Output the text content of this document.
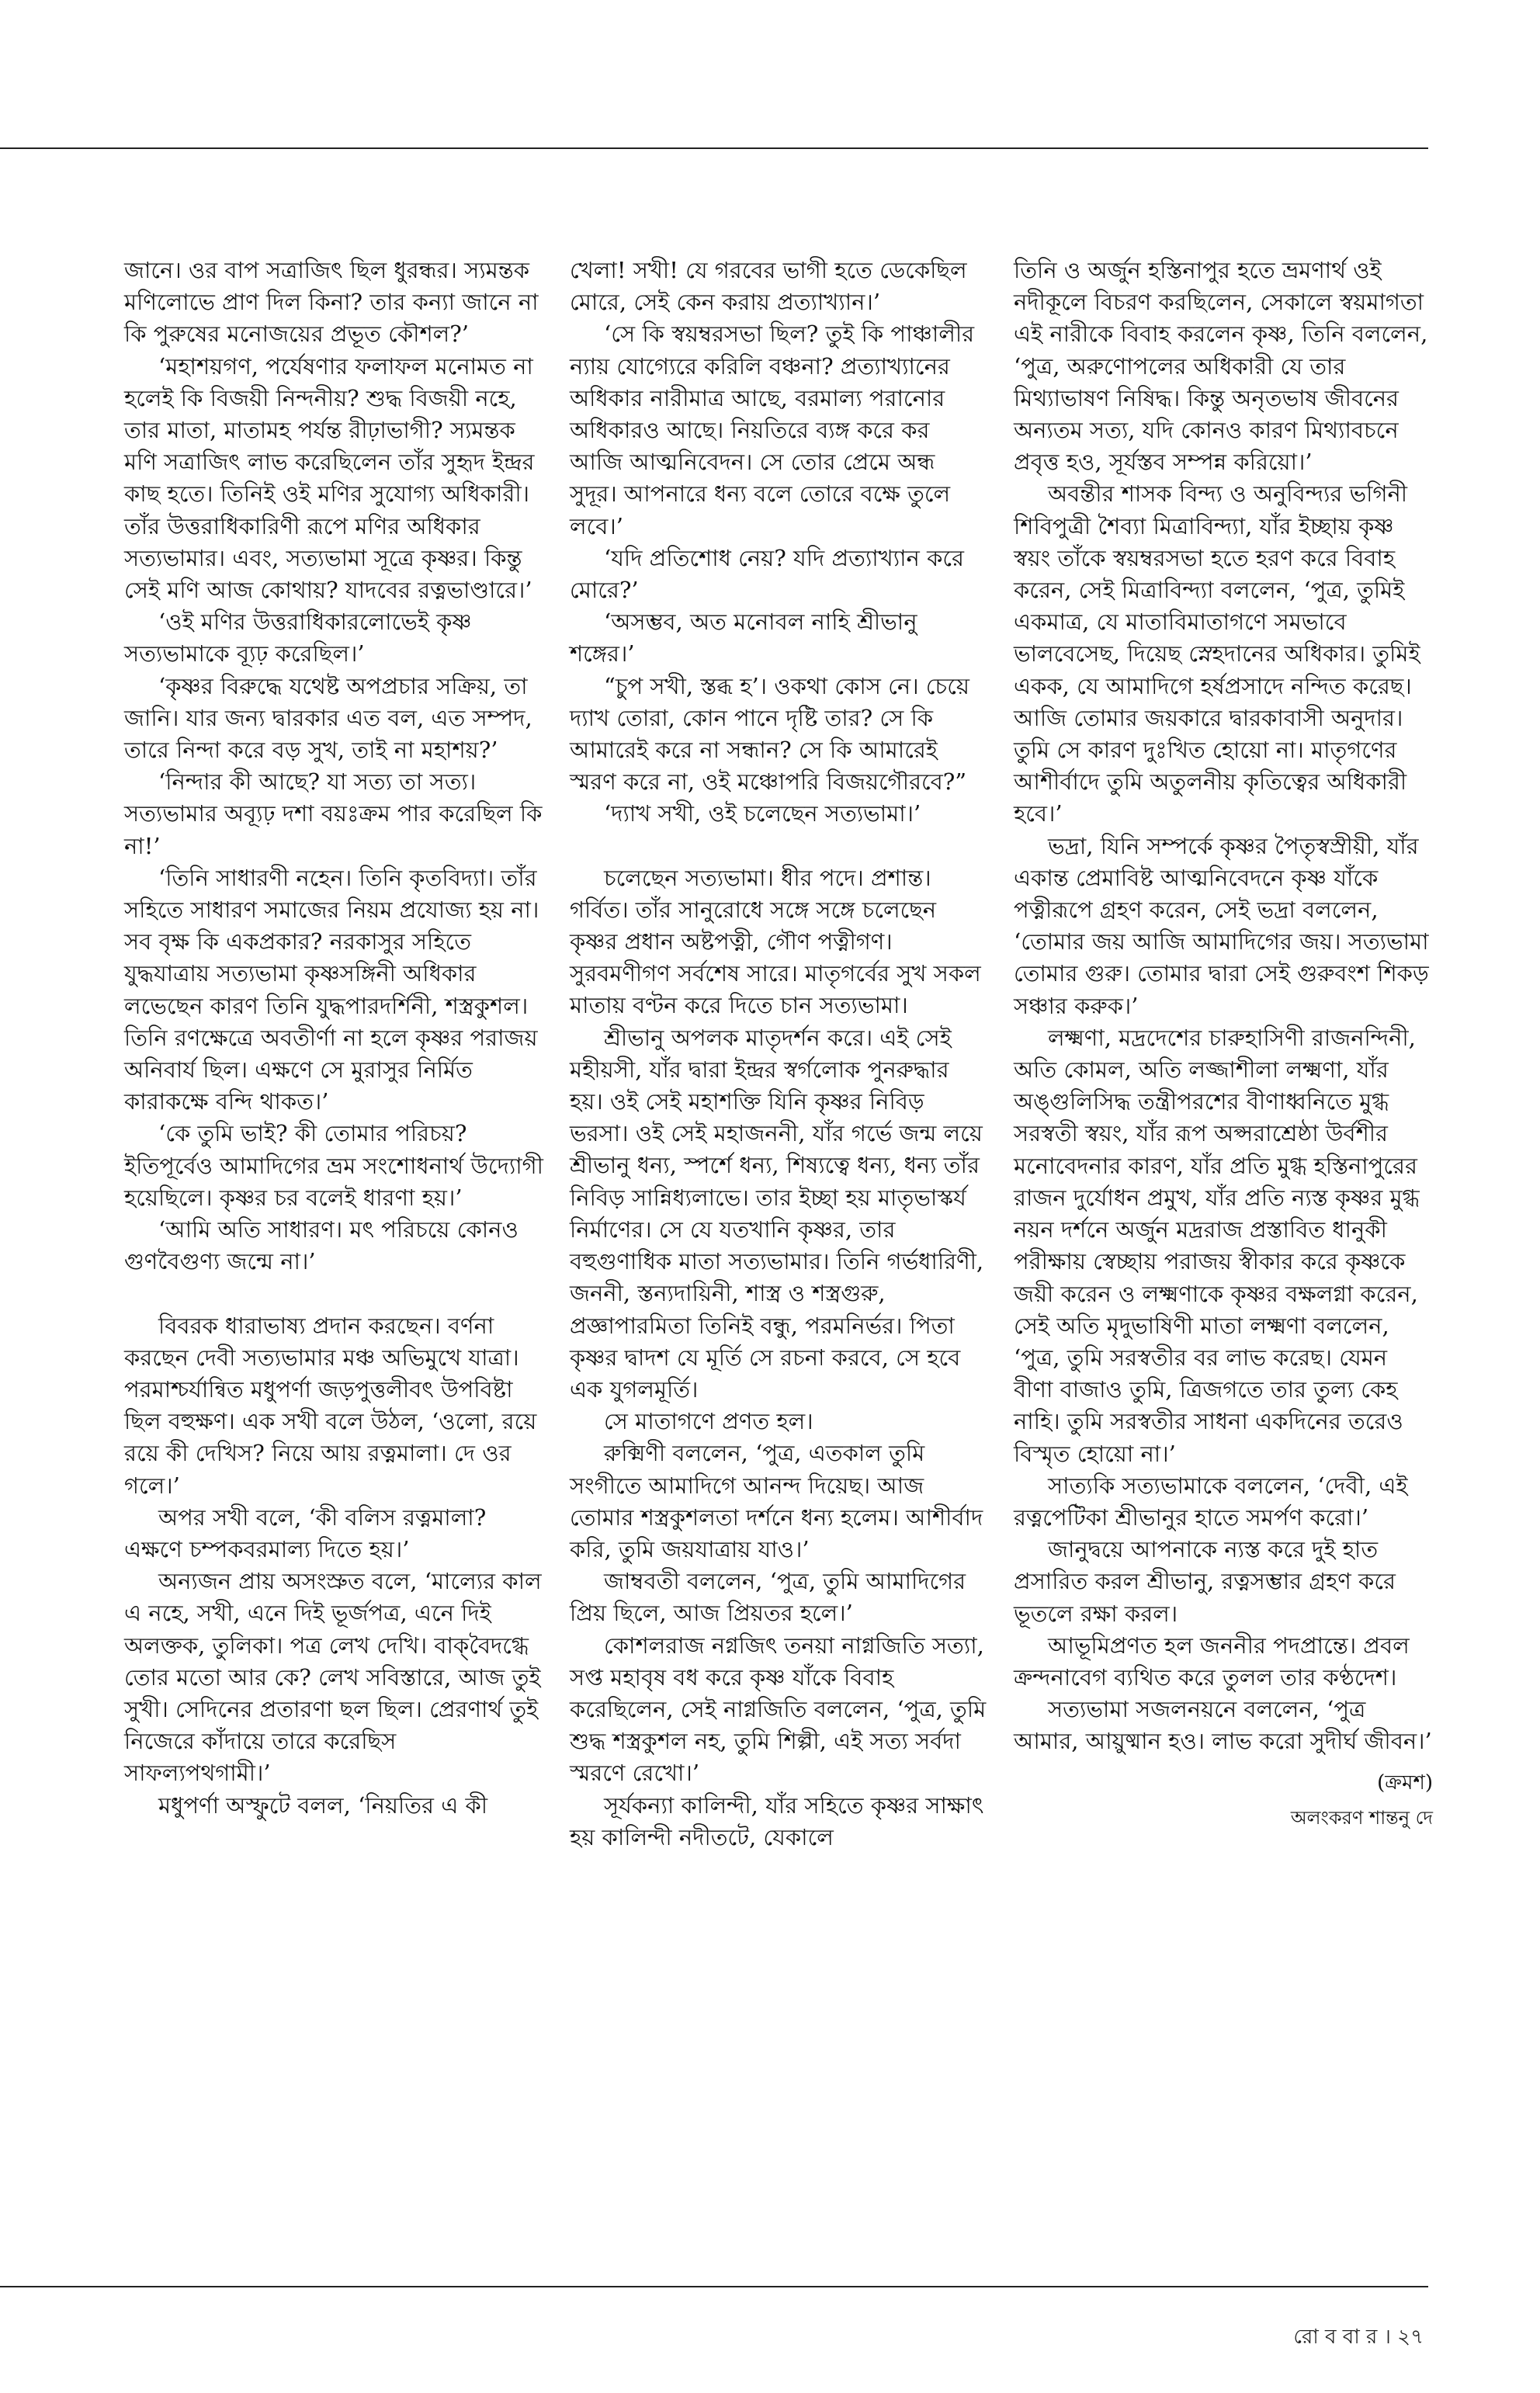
জানে। ওর বাপ সত্রাজিৎ ছিল ধুরন্ধর। স্যমন্তক মণিলোভে প্রাণ দিল কিনা? তার কন্যা জানে না কি পুরুষের মনোজয়ের প্রভূত কৌশল?’

‘মহাশয়গণ, পর্যেষণার ফলাফল মনোমত না হলেই কি বিজয়ী নিন্দনীয়? শুদ্ধ বিজয়ী নহে, তার মাতা, মাতামহ পর্যন্ত রীঢ়াভাগী? স্যমন্তক মণি সত্রাজিৎ লাভ করেছিলেন তাঁর সুহৃদ ইন্দ্রর কাছ হতে। তিনিই ওই মণির সুযোগ্য অধিকারী। তাঁর উত্তরাধিকারিণী রূপে মণির অধিকার সত্যভামার। এবং, সত্যভামা সূত্রে কৃষ্ণর। কিন্তু সেই মণি আজ কোথায়? যাদবের রত্নভাণ্ডারে।’

‘ওই মণির উত্তরাধিকারলোভেই কৃষ্ণ সত্যভামাকে ব্যূঢ় করেছিল।’

‘কৃষ্ণর বিরুদ্ধে যথেষ্ট অপপ্রচার সক্রিয়, তা জানি। যার জন্য দ্বারকার এত বল, এত সম্পদ, তারে নিন্দা করে বড় সুখ, তাই না মহাশয়?’

‘নিন্দার কী আছে? যা সত্য তা সত্য। সত্যভামার অব্যূঢ় দশা বয়ঃক্রম পার করেছিল কি না!’

‘তিনি সাধারণী নহেন। তিনি কৃতবিদ্যা। তাঁর সহিতে সাধারণ সমাজের নিয়ম প্রযোজ্য হয় না। সব বৃক্ষ কি একপ্রকার? নরকাসুর সহিতে যুদ্ধযাত্রায় সত্যভামা কৃষ্ণসঙ্গিনী অধিকার লভেছেন কারণ তিনি যুদ্ধপারদর্শিনী, শস্ত্রকুশল। তিনি রণক্ষেত্রে অবতীর্ণা না হলে কৃষ্ণর পরাজয় অনিবার্য ছিল। এক্ষণে সে মুরাসুর নির্মিত কারাকক্ষে বন্দি থাকত।’

‘কে তুমি ভাই? কী তোমার পরিচয়? ইতিপূর্বেও আমাদিগের ভ্রম সংশোধনার্থ উদ্যোগী হয়েছিলে। কৃষ্ণর চর বলেই ধারণা হয়।’

‘আমি অতি সাধারণ। মৎ পরিচয়ে কোনও গুণবৈগুণ্য জন্মে না।’

বিবরক ধারাভাষ্য প্রদান করছেন। বর্ণনা করছেন দেবী সত্যভামার মঞ্চ অভিমুখে যাত্রা। পরমাশ্চর্যান্বিত মধুপর্ণা জড়পুত্তলীবৎ উপবিষ্টা ছিল বহুক্ষণ। এক সখী বলে উঠল, ‘ওলো, রয়ে রয়ে কী দেখিস? নিয়ে আয় রত্নমালা। দে ওর গলে।’

অপর সখী বলে, ‘কী বলিস রত্নমালা? এক্ষণে চম্পকবরমাল্য দিতে হয়।’

অন্যজন প্রায় অসংস্রুত বলে, ‘মাল্যের কাল এ নহে, সখী, এনে দিই ভূর্জপত্র, এনে দিই অলক্তক, তুলিকা। পত্র লেখ দেখি। বাক্‌বৈদগ্ধে তোর মতো আর কে? লেখ সবিস্তারে, আজ তুই সুখী। সেদিনের প্রতারণা ছল ছিল। প্রেরণার্থ তুই নিজেরে কাঁদায়ে তারে করেছিস সাফল্যপথগামী।’

মধুপর্ণা অস্ফুটে বলল, ‘নিয়তির এ কী

খেলা! সখী! যে গরবের ভাগী হতে ডেকেছিল মোরে, সেই কেন করায় প্রত্যাখ্যান।’

‘সে কি স্বয়ম্বরসভা ছিল? তুই কি পাঞ্চালীর ন্যায় যোগ্যেরে করিলি বঞ্চনা? প্রত্যাখ্যানের অধিকার নারীমাত্র আছে, বরমাল্য পরানোর অধিকারও আছে। নিয়তিরে ব্যঙ্গ করে কর আজি আত্মনিবেদন। সে তোর প্রেমে অন্ধ সুদূর। আপনারে ধন্য বলে তোরে বক্ষে তুলে লবে।’

‘যদি প্রতিশোধ নেয়? যদি প্রত্যাখ্যান করে মোরে?’

‘অসম্ভব, অত মনোবল নাহি শ্রীভানু শঙ্গের।’

“চুপ সখী, স্তব্ধ হ’। ওকথা কোস নে। চেয়ে দ্যাখ তোরা, কোন পানে দৃষ্টি তার? সে কি আমারেই করে না সন্ধান? সে কি আমারেই স্মরণ করে না, ওই মঞ্চোপরি বিজয়গৌরবে?”

‘দ্যাখ সখী, ওই চলেছেন সত্যভামা।’

চলেছেন সত্যভামা। ধীর পদে। প্রশান্ত। গর্বিত। তাঁর সানুরোধে সঙ্গে সঙ্গে চলেছেন কৃষ্ণর প্রধান অষ্টপত্নী, গৌণ পত্নীগণ। সুরবমণীগণ সর্বশেষ সারে। মাতৃগর্বের সুখ সকল মাতায় বণ্টন করে দিতে চান সত্যভামা।

শ্রীভানু অপলক মাতৃদর্শন করে। এই সেই মহীয়সী, যাঁর দ্বারা ইন্দ্রর স্বর্গলোক পুনরুদ্ধার হয়। ওই সেই মহাশক্তি যিনি কৃষ্ণর নিবিড় ভরসা। ওই সেই মহাজননী, যাঁর গর্ভে জন্ম লয়ে শ্রীভানু ধন্য, স্পর্শে ধন্য, শিষ্যত্বে ধন্য, ধন্য তাঁর নিবিড় সান্নিধ্যলাভে। তার ইচ্ছা হয় মাতৃভাস্কর্য নির্মাণের। সে যে যতখানি কৃষ্ণর, তার বহুগুণাধিক মাতা সত্যভামার। তিনি গর্ভধারিণী, জননী, স্তন্যদায়িনী, শাস্ত্র ও শস্ত্রগুরু, প্রজ্ঞাপারমিতা তিনিই বন্ধু, পরমনির্ভর। পিতা কৃষ্ণর দ্বাদশ যে মূর্তি সে রচনা করবে, সে হবে এক যুগলমূর্তি।

সে মাতাগণে প্রণত হল।

রুক্মিণী বললেন, ‘পুত্র, এতকাল তুমি সংগীতে আমাদিগে আনন্দ দিয়েছ। আজ তোমার শস্ত্রকুশলতা দর্শনে ধন্য হলেম। আশীর্বাদ করি, তুমি জয়যাত্রায় যাও।’

জাম্ববতী বললেন, ‘পুত্র, তুমি আমাদিগের প্রিয় ছিলে, আজ প্রিয়তর হলে।’

কোশলরাজ নগ্নজিৎ তনয়া নাগ্নজিতি সত্যা, সপ্ত মহাবৃষ বধ করে কৃষ্ণ যাঁকে বিবাহ করেছিলেন, সেই নাগ্নজিতি বললেন, ‘পুত্র, তুমি শুদ্ধ শস্ত্রকুশল নহ, তুমি শিল্পী, এই সত্য সর্বদা স্মরণে রেখো।’

সূর্যকন্যা কালিন্দী, যাঁর সহিতে কৃষ্ণর সাক্ষাৎ হয় কালিন্দী নদীতটে, যেকালে

তিনি ও অর্জুন হস্তিনাপুর হতে ভ্রমণার্থ ওই নদীকূলে বিচরণ করছিলেন, সেকালে স্বয়মাগতা এই নারীকে বিবাহ করলেন কৃষ্ণ, তিনি বললেন, ‘পুত্র, অরুণোপলের অধিকারী যে তার মিথ্যাভাষণ নিষিদ্ধ। কিন্তু অনৃতভাষ জীবনের অন্যতম সত্য, যদি কোনও কারণ মিথ্যাবচনে প্রবৃত্ত হও, সূর্যস্তব সম্পন্ন করিয়ো।’

অবন্তীর শাসক বিন্দ্য ও অনুবিন্দ্যর ভগিনী শিবিপুত্রী শৈব্যা মিত্রাবিন্দ্যা, যাঁর ইচ্ছায় কৃষ্ণ স্বয়ং তাঁকে স্বয়ম্বরসভা হতে হরণ করে বিবাহ করেন, সেই মিত্রাবিন্দ্যা বললেন, ‘পুত্র, তুমিই একমাত্র, যে মাতাবিমাতাগণে সমভাবে ভালবেসেছ, দিয়েছ স্নেহদানের অধিকার। তুমিই একক, যে আমাদিগে হর্ষপ্রসাদে নন্দিত করেছ। আজি তোমার জয়কারে দ্বারকাবাসী অনুদার। তুমি সে কারণ দুঃখিত হোয়ো না। মাতৃগণের আশীর্বাদে তুমি অতুলনীয় কৃতিত্বের অধিকারী হবে।’

ভদ্রা, যিনি সম্পর্কে কৃষ্ণর পৈতৃস্বস্রীয়ী, যাঁর একান্ত প্রেমাবিষ্ট আত্মনিবেদনে কৃষ্ণ যাঁকে পত্নীরূপে গ্রহণ করেন, সেই ভদ্রা বললেন, ‘তোমার জয় আজি আমাদিগের জয়। সত্যভামা তোমার গুরু। তোমার দ্বারা সেই গুরুবংশ শিকড় সঞ্চার করুক।’

লক্ষ্মণা, মদ্রদেশের চারুহাসিণী রাজনন্দিনী, অতি কোমল, অতি লজ্জাশীলা লক্ষ্মণা, যাঁর অঙ্গুলিসিদ্ধ তন্ত্রীপরশের বীণাধ্বনিতে মুগ্ধ সরস্বতী স্বয়ং, যাঁর রূপ অপ্সরাশ্রেষ্ঠা উর্বশীর মনোবেদনার কারণ, যাঁর প্রতি মুগ্ধ হস্তিনাপুরের রাজন দুর্যোধন প্রমুখ, যাঁর প্রতি ন্যস্ত কৃষ্ণর মুগ্ধ নয়ন দর্শনে অর্জুন মদ্ররাজ প্রস্তাবিত ধানুকী পরীক্ষায় স্বেচ্ছায় পরাজয় স্বীকার করে কৃষ্ণকে জয়ী করেন ও লক্ষ্মণাকে কৃষ্ণর বক্ষলগ্না করেন, সেই অতি মৃদুভাষিণী মাতা লক্ষ্মণা বললেন, ‘পুত্র, তুমি সরস্বতীর বর লাভ করেছ। যেমন বীণা বাজাও তুমি, ত্রিজগতে তার তুল্য কেহ নাহি। তুমি সরস্বতীর সাধনা একদিনের তরেও বিস্মৃত হোয়ো না।’

সাত্যকি সত্যভামাকে বললেন, ‘দেবী, এই রত্নপেটিকা শ্রীভানুর হাতে সমর্পণ করো।’

জানুদ্বয়ে আপনাকে ন্যস্ত করে দুই হাত প্রসারিত করল শ্রীভানু, রত্নসম্ভার গ্রহণ করে ভূতলে রক্ষা করল।

আভূমিপ্রণত হল জননীর পদপ্রান্তে। প্রবল ক্রন্দনাবেগ ব্যথিত করে তুলল তার কণ্ঠদেশ।

সত্যভামা সজলনয়নে বললেন, ‘পুত্র আমার, আয়ুষ্মান হও। লাভ করো সুদীর্ঘ জীবন।’

(ক্রমশ)

অলংকরণ শান্তনু দে

রো ব বা র । ২৭
